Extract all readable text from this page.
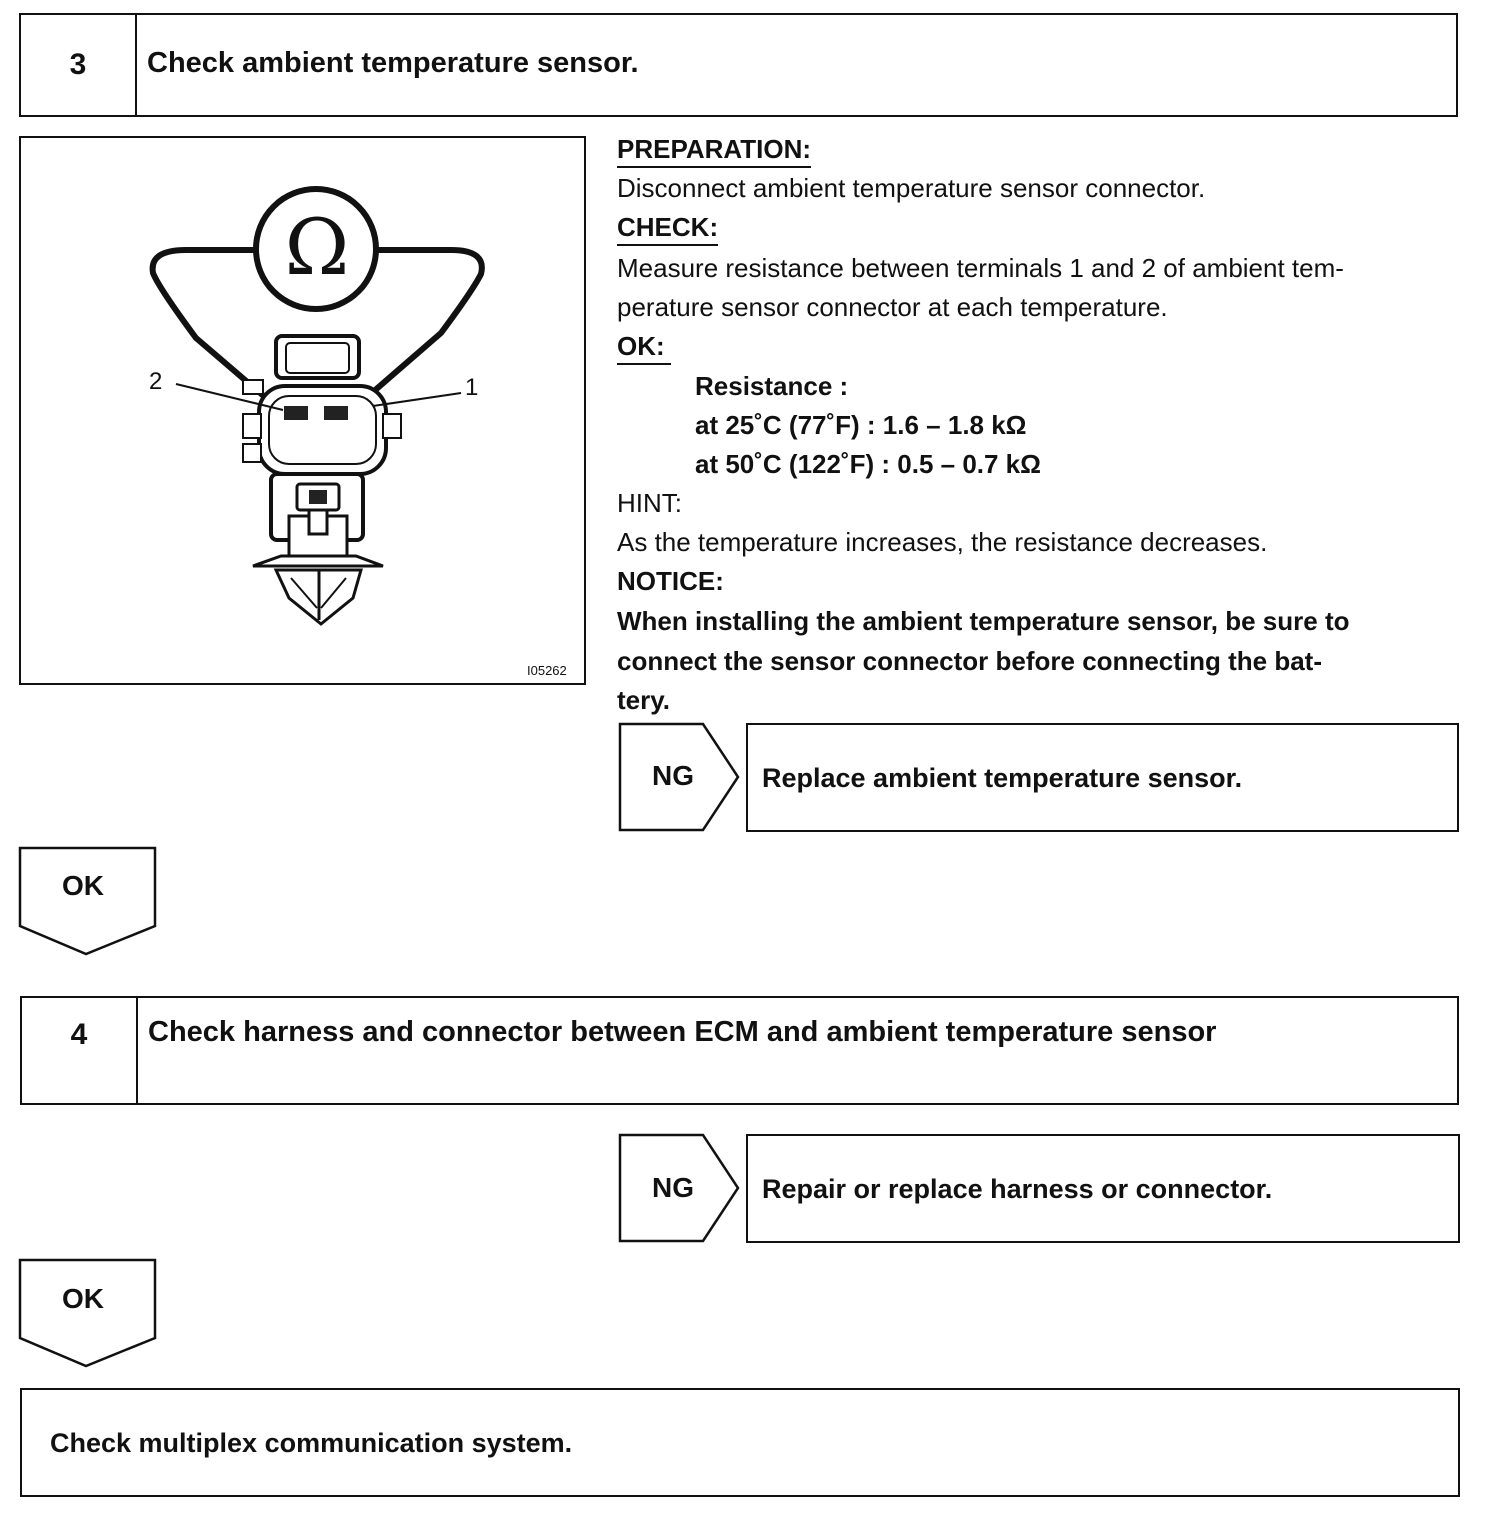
3	Check ambient temperature sensor.
Ω
2	1
I05262
PREPARATION:
Disconnect ambient temperature sensor connector.
CHECK:
Measure resistance between terminals 1 and 2 of ambient tem-
perature sensor connector at each temperature.
OK:
Resistance :
at 25˚C (77˚F) : 1.6 – 1.8 kΩ
at 50˚C (122˚F) : 0.5 – 0.7 kΩ
HINT:
As the temperature increases, the resistance decreases.
NOTICE:
When installing the ambient temperature sensor, be sure to
connect the sensor connector before connecting the bat-
tery.
NG	Replace ambient temperature sensor.
OK
4	Check harness and connector between ECM and ambient temperature sensor
NG	Repair or replace harness or connector.
OK
Check multiplex communication system.
